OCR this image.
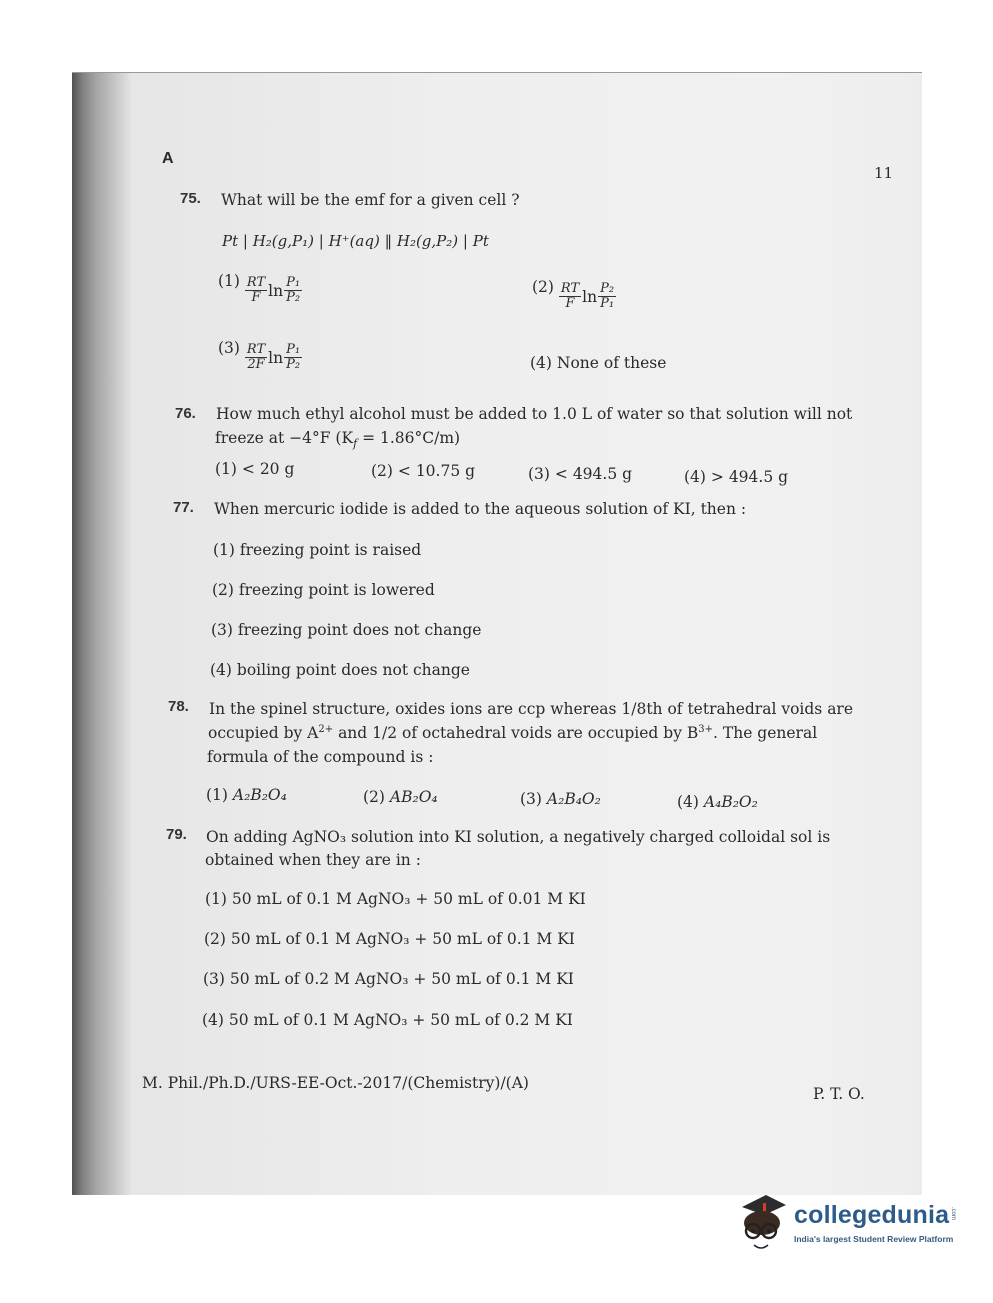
A
11
75. What will be the emf for a given cell ?
Pt | H₂(g,P₁) | H⁺(aq) ‖ H₂(g,P₂) | Pt
$(1) \frac{RT}{F}$ $\ln \frac{\text{P₁}}{\text{P₂}}$	$(2) \frac{RT}{F}$ $\ln \frac{\text{P₂}}{\text{P₁}}$
$(3) \frac{RT}{2F}$ $\ln \frac{\text{P₁}}{\text{P₂}}$	(4) None of these
76. How much ethyl alcohol must be added to 1.0 L of water so that solution will not
freeze at −4°F $(K_f = 1.86^\circ C/m)$
(1) < 20 g	(2) < 10.75 g	(3) < 494.5 g	(4) > 494.5 g
77. When mercuric iodide is added to the aqueous solution of KI, then :
(1) freezing point is raised
(2) freezing point is lowered
(3) freezing point does not change
(4) boiling point does not change
78. In the spinel structure, oxides ions are ccp whereas 1/8th of tetrahedral voids are
occupied by $A^{2+}$ and 1/2 of octahedral voids are occupied by $B^{3+}$. The general
formula of the compound is :
(1) A₂B₂O₄	(2) AB₂O₄	(3) A₂B₄O₂	(4) A₄B₂O₂
79. On adding AgNO₃ solution into KI solution, a negatively charged colloidal sol is
obtained when they are in :
(1) 50 mL of 0.1 M AgNO₃ + 50 mL of 0.01 M KI
(2) 50 mL of 0.1 M AgNO₃ + 50 mL of 0.1 M KI
(3) 50 mL of 0.2 M AgNO₃ + 50 mL of 0.1 M KI
(4) 50 mL of 0.1 M AgNO₃ + 50 mL of 0.2 M KI
M. Phil./Ph.D./URS-EE-Oct.-2017/(Chemistry)/(A)
P. T. O.
collegedunia
India's largest Student Review Platform
.com
